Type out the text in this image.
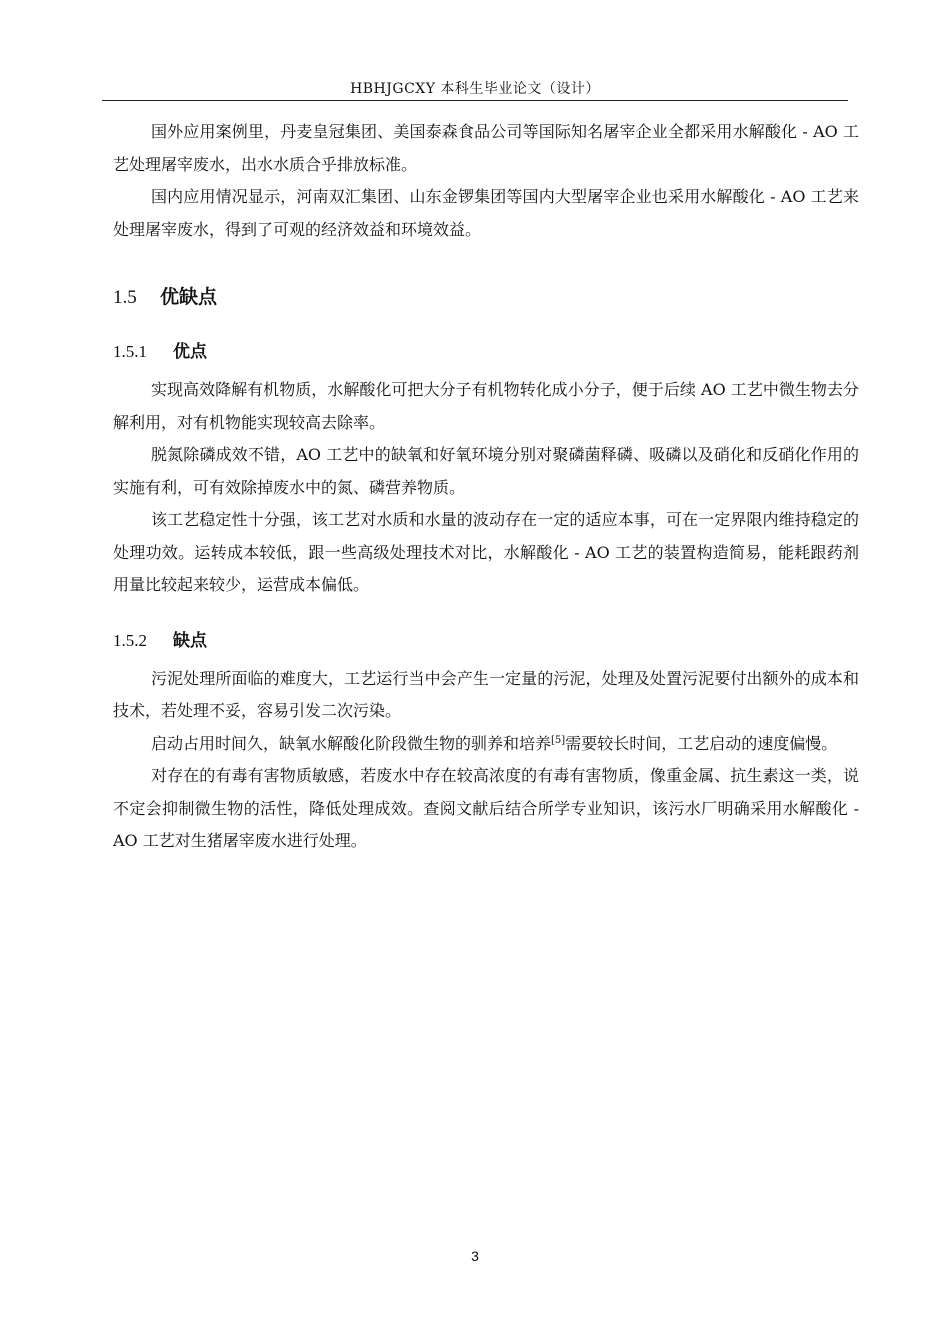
HBHJGCXY 本科生毕业论文（设计）

国外应用案例里，丹麦皇冠集团、美国泰森食品公司等国际知名屠宰企业全都采用水解酸化 - AO 工艺处理屠宰废水，出水水质合乎排放标准。

国内应用情况显示，河南双汇集团、山东金锣集团等国内大型屠宰企业也采用水解酸化 - AO 工艺来处理屠宰废水，得到了可观的经济效益和环境效益。

1.5 优缺点
1.5.1 优点

实现高效降解有机物质，水解酸化可把大分子有机物转化成小分子，便于后续 AO 工艺中微生物去分解利用，对有机物能实现较高去除率。

脱氮除磷成效不错，AO 工艺中的缺氧和好氧环境分别对聚磷菌释磷、吸磷以及硝化和反硝化作用的实施有利，可有效除掉废水中的氮、磷营养物质。

该工艺稳定性十分强，该工艺对水质和水量的波动存在一定的适应本事，可在一定界限内维持稳定的处理功效。运转成本较低，跟一些高级处理技术对比，水解酸化 - AO 工艺的装置构造简易，能耗跟药剂用量比较起来较少，运营成本偏低。

1.5.2 缺点

污泥处理所面临的难度大，工艺运行当中会产生一定量的污泥，处理及处置污泥要付出额外的成本和技术，若处理不妥，容易引发二次污染。

启动占用时间久，缺氧水解酸化阶段微生物的驯养和培养[5]需要较长时间，工艺启动的速度偏慢。

对存在的有毒有害物质敏感，若废水中存在较高浓度的有毒有害物质，像重金属、抗生素这一类，说不定会抑制微生物的活性，降低处理成效。查阅文献后结合所学专业知识，该污水厂明确采用水解酸化 - AO 工艺对生猪屠宰废水进行处理。

3
